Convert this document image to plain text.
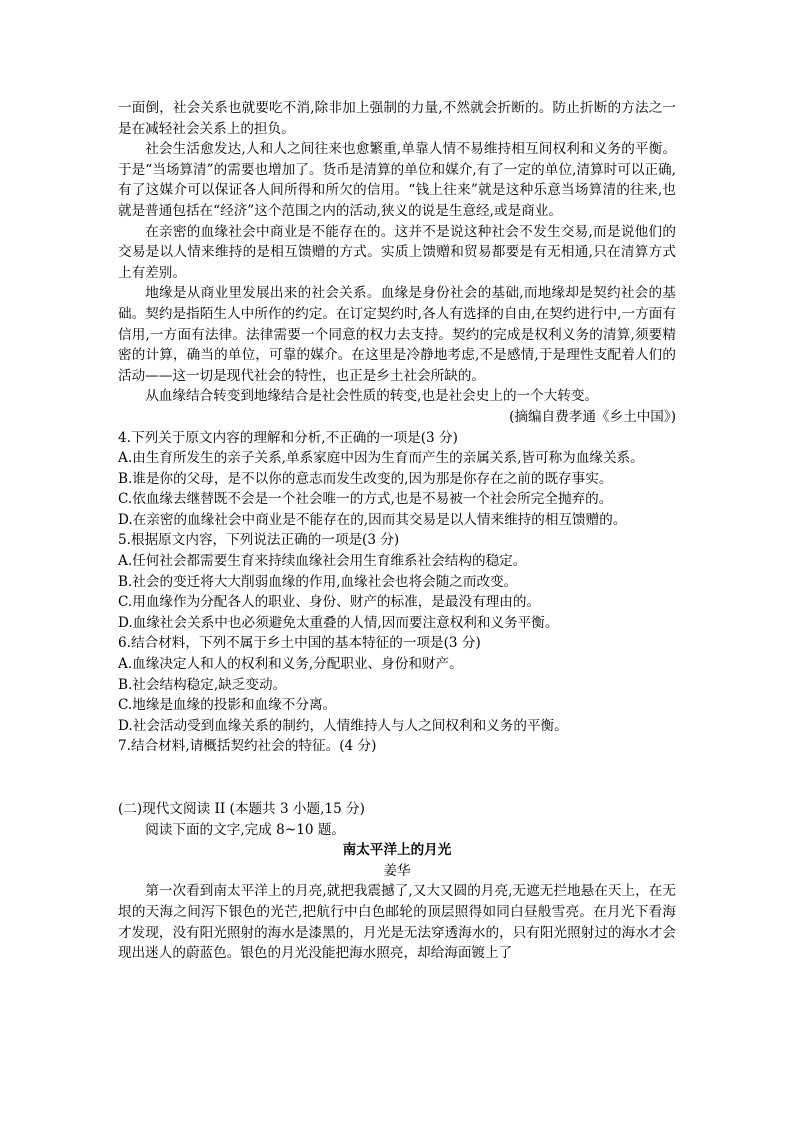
一面倒，社会关系也就要吃不消,除非加上强制的力量,不然就会折断的。防止折断的方法之一是在减轻社会关系上的担负。

社会生活愈发达,人和人之间往来也愈繁重,单靠人情不易维持相互间权利和义务的平衡。于是“当场算清”的需要也增加了。货币是清算的单位和媒介,有了一定的单位,清算时可以正确,有了这媒介可以保证各人间所得和所欠的信用。“钱上往来”就是这种乐意当场算清的往来,也就是普通包括在“经济”这个范围之内的活动,狭义的说是生意经,或是商业。

在亲密的血缘社会中商业是不能存在的。这并不是说这种社会不发生交易,而是说他们的交易是以人情来维持的是相互馈赠的方式。实质上馈赠和贸易都要是有无相通,只在清算方式上有差别。

地缘是从商业里发展出来的社会关系。血缘是身份社会的基础,而地缘却是契约社会的基础。契约是指陌生人中所作的约定。在订定契约时,各人有选择的自由,在契约进行中,一方面有信用,一方面有法律。法律需要一个同意的权力去支持。契约的完成是权利义务的清算,须要精密的计算，确当的单位，可靠的媒介。在这里是冷静地考虑,不是感情,于是理性支配着人们的活动——这一切是现代社会的特性，也正是乡土社会所缺的。

从血缘结合转变到地缘结合是社会性质的转变,也是社会史上的一个大转变。

(摘编自费孝通《乡土中国》)

4.下列关于原文内容的理解和分析,不正确的一项是(3 分)

A.由生育所发生的亲子关系,单系家庭中因为生育而产生的亲属关系,皆可称为血缘关系。

B.谁是你的父母，是不以你的意志而发生改变的,因为那是你存在之前的既存事实。

C.依血缘去继替既不会是一个社会唯一的方式,也是不易被一个社会所完全抛弃的。

D.在亲密的血缘社会中商业是不能存在的,因而其交易是以人情来维持的相互馈赠的。

5.根据原文内容，下列说法正确的一项是(3 分)

A.任何社会都需要生育来持续血缘社会用生育维系社会结构的稳定。

B.社会的变迁将大大削弱血缘的作用,血缘社会也将会随之而改变。

C.用血缘作为分配各人的职业、身份、财产的标准，是最没有理由的。

D.血缘社会关系中也必须避免太重叠的人情,因而要注意权利和义务平衡。

6.结合材料，下列不属于乡土中国的基本特征的一项是(3 分)

A.血缘决定人和人的权利和义务,分配职业、身份和财产。

B.社会结构稳定,缺乏变动。

C.地缘是血缘的投影和血缘不分离。

D.社会活动受到血缘关系的制约，人情维持人与人之间权利和义务的平衡。

7.结合材料,请概括契约社会的特征。(4 分)

(二)现代文阅读 II (本题共 3 小题,15 分)

阅读下面的文字,完成 8~10 题。

南太平洋上的月光

姜华

第一次看到南太平洋上的月亮,就把我震撼了,又大又圆的月亮,无遮无拦地悬在天上，在无垠的天海之间泻下银色的光芒,把航行中白色邮轮的顶层照得如同白昼般雪亮。在月光下看海才发现，没有阳光照射的海水是漆黑的，月光是无法穿透海水的，只有阳光照射过的海水才会现出迷人的蔚蓝色。银色的月光没能把海水照亮，却给海面镀上了
